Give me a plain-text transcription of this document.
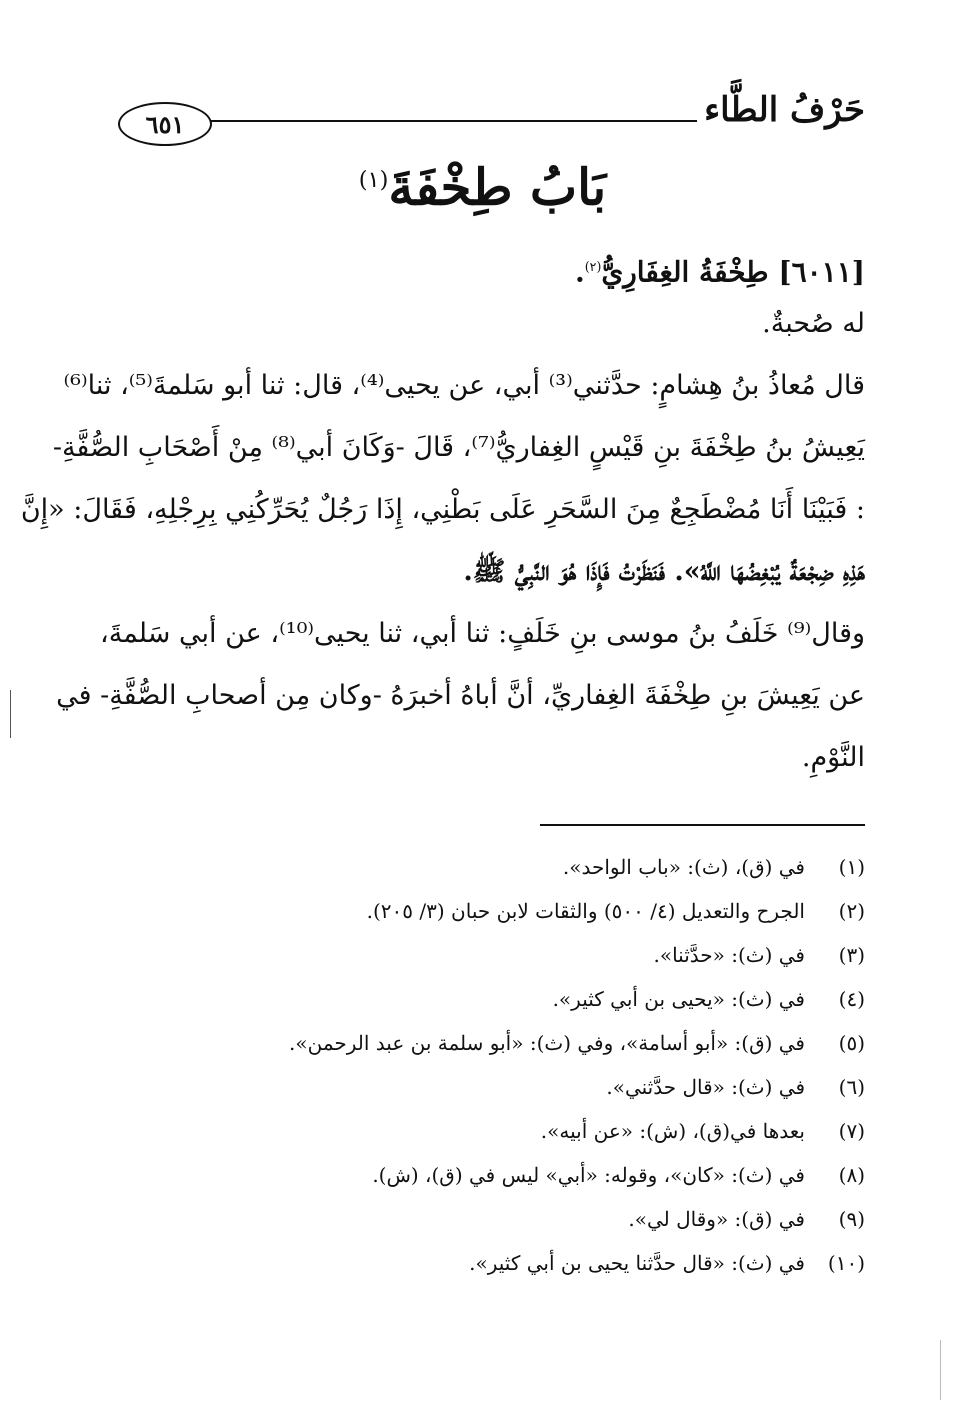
حَرْفُ الطَّاء
٦٥١
بَابُ طِخْفَةَ$^{(١)}$
[٦٠١١] طِخْفَةُ الغِفَارِيُّ$^{(٢)}$.
له صُحبةٌ.
قال مُعاذُ بنُ هِشامٍ: حدَّثني⁽³⁾ أبي، عن يحيى⁽⁴⁾، قال: ثنا أبو سَلمةَ⁽⁵⁾، ثنا⁽⁶⁾
يَعِيشُ بنُ طِخْفَةَ بنِ قَيْسٍ الغِفاريُّ⁽⁷⁾، قَالَ -وَكَانَ أبي⁽⁸⁾ مِنْ أَصْحَابِ الصُّفَّةِ-
: فَبَيْنَا أَنَا مُضْطَجِعٌ مِنَ السَّحَرِ عَلَى بَطْنِي، إِذَا رَجُلٌ يُحَرِّكُنِي بِرِجْلِهِ، فَقَالَ: «إِنَّ
هَذِهِ ضِجْعَةٌ يُبْغِضُهَا اللَّهُ». فَنَظَرْتُ فَإِذَا هُوَ النَّبِيُّ ﷺ.
وقال⁽⁹⁾ خَلَفُ بنُ موسى بنِ خَلَفٍ: ثنا أبي، ثنا يحيى⁽¹⁰⁾، عن أبي سَلمةَ،
عن يَعِيشَ بنِ طِخْفَةَ الغِفاريِّ، أنَّ أباهُ أخبرَهُ -وكان مِن أصحابِ الصُّفَّةِ- في
النَّوْمِ.
(١)في (ق)، (ث): «باب الواحد».
(٢)الجرح والتعديل (٤/ ٥٠٠) والثقات لابن حبان (٣/ ٢٠٥).
(٣)في (ث): «حدَّثنا».
(٤)في (ث): «يحيى بن أبي كثير».
(٥)في (ق): «أبو أسامة»، وفي (ث): «أبو سلمة بن عبد الرحمن».
(٦)في (ث): «قال حدَّثني».
(٧)بعدها في(ق)، (ش): «عن أبيه».
(٨)في (ث): «كان»، وقوله: «أبي» ليس في (ق)، (ش).
(٩)في (ق): «وقال لي».
(١٠)في (ث): «قال حدَّثنا يحيى بن أبي كثير».
